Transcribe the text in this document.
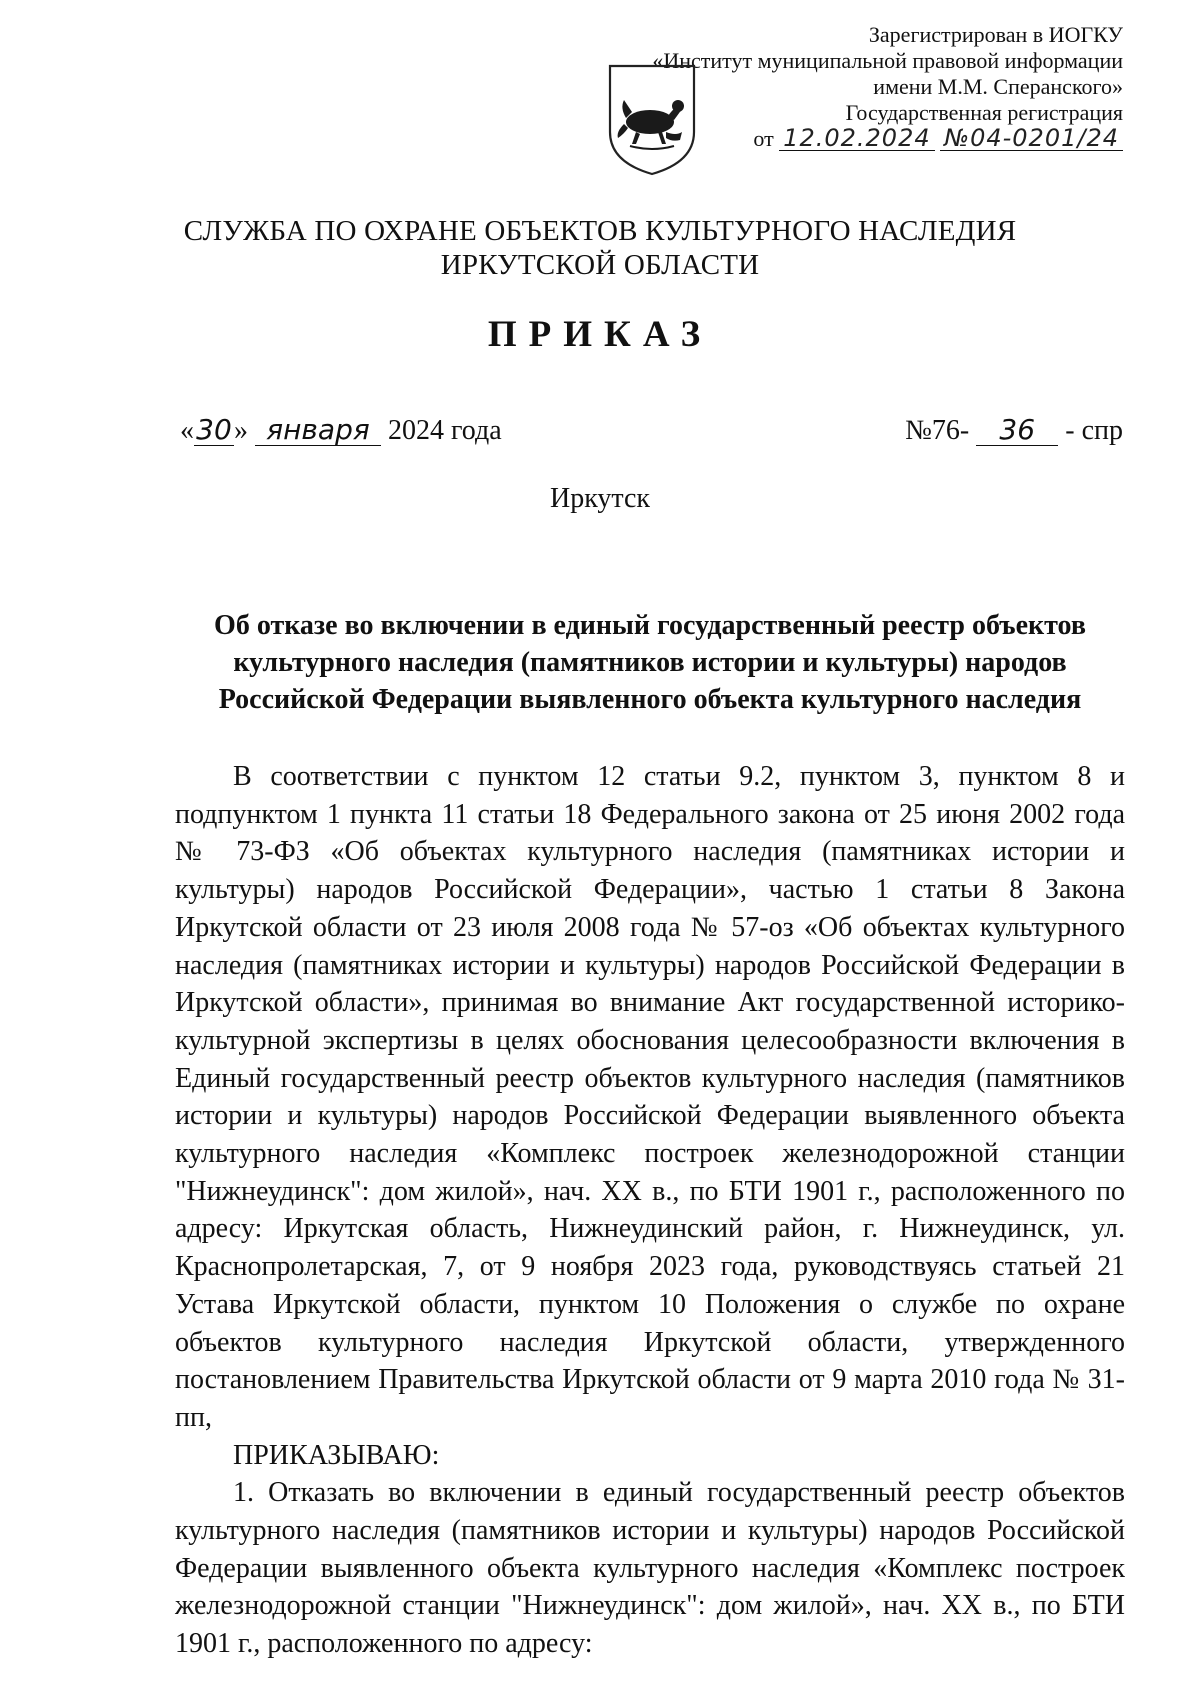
Зарегистрирован в ИОГКУ
«Институт муниципальной правовой информации
имени М.М. Сперанского»
Государственная регистрация
от 12.02.2024 №04-0201/24
СЛУЖБА ПО ОХРАНЕ ОБЪЕКТОВ КУЛЬТУРНОГО НАСЛЕДИЯ
ИРКУТСКОЙ ОБЛАСТИ
ПРИКАЗ
«30» января 2024 года	№76- 36 - спр
Иркутск
Об отказе во включении в единый государственный реестр объектов
культурного наследия (памятников истории и культуры) народов
Российской Федерации выявленного объекта культурного наследия

В соответствии с пунктом 12 статьи 9.2, пунктом 3, пунктом 8 и подпунктом 1 пункта 11 статьи 18 Федерального закона от 25 июня 2002 года № 73-ФЗ «Об объектах культурного наследия (памятниках истории и культуры) народов Российской Федерации», частью 1 статьи 8 Закона Иркутской области от 23 июля 2008 года № 57-оз «Об объектах культурного наследия (памятниках истории и культуры) народов Российской Федерации в Иркутской области», принимая во внимание Акт государственной историко-культурной экспертизы в целях обоснования целесообразности включения в Единый государственный реестр объектов культурного наследия (памятников истории и культуры) народов Российской Федерации выявленного объекта культурного наследия «Комплекс построек железнодорожной станции "Нижнеудинск": дом жилой», нач. XX в., по БТИ 1901 г., расположенного по адресу: Иркутская область, Нижнеудинский район, г. Нижнеудинск, ул. Краснопролетарская, 7, от 9 ноября 2023 года, руководствуясь статьей 21 Устава Иркутской области, пунктом 10 Положения о службе по охране объектов культурного наследия Иркутской области, утвержденного постановлением Правительства Иркутской области от 9 марта 2010 года № 31-пп,

ПРИКАЗЫВАЮ:

1. Отказать во включении в единый государственный реестр объектов культурного наследия (памятников истории и культуры) народов Российской Федерации выявленного объекта культурного наследия «Комплекс построек железнодорожной станции "Нижнеудинск": дом жилой», нач. XX в., по БТИ 1901 г., расположенного по адресу:
